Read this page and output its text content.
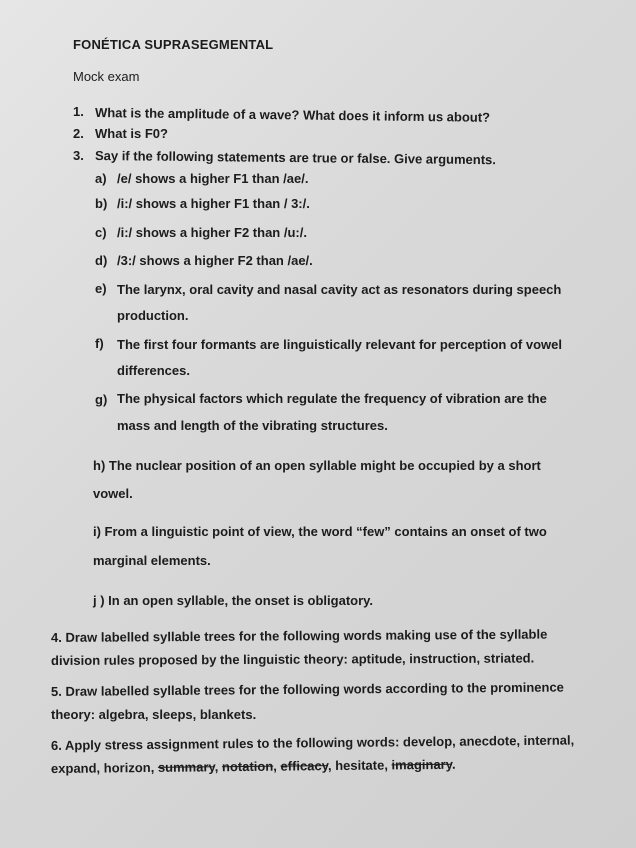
FONÉTICA SUPRASEGMENTAL
Mock exam
1. What is the amplitude of a wave? What does it inform us about?
2. What is F0?
3. Say if the following statements are true or false. Give arguments.
a) /e/ shows a higher F1 than /ae/.
b) /i:/ shows a higher F1 than / 3:/.
c) /i:/ shows a higher F2 than /u:/.
d) /3:/ shows a higher F2 than /ae/.
e) The larynx, oral cavity and nasal cavity act as resonators during speech
production.
f) The first four formants are linguistically relevant for perception of vowel
differences.
g) The physical factors which regulate the frequency of vibration are the
mass and length of the vibrating structures.
h) The nuclear position of an open syllable might be occupied by a short
vowel.
i) From a linguistic point of view, the word “few” contains an onset of two
marginal elements.
j ) In an open syllable, the onset is obligatory.
4. Draw labelled syllable trees for the following words making use of the syllable
division rules proposed by the linguistic theory: aptitude, instruction, striated.
5. Draw labelled syllable trees for the following words according to the prominence
theory: algebra, sleeps, blankets.
6. Apply stress assignment rules to the following words: develop, anecdote, internal,
expand, horizon, summary, notation, efficacy, hesitate, imaginary.
